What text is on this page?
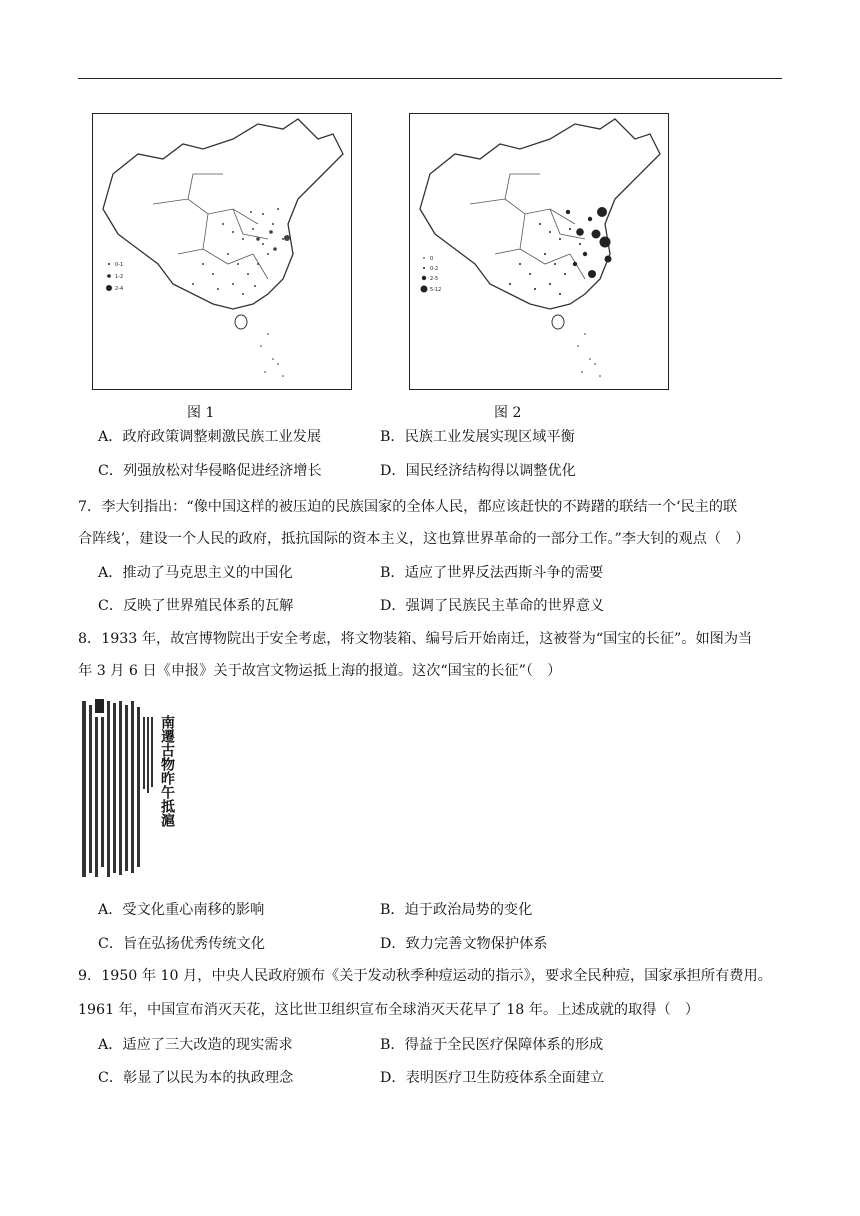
0-1
1-2
2-4
0
0-2
2-5
5-12
图 1	图 2
A．政府政策调整刺激民族工业发展	B．民族工业发展实现区域平衡
C．列强放松对华侵略促进经济增长	D．国民经济结构得以调整优化
7．李大钊指出：“像中国这样的被压迫的民族国家的全体人民，都应该赶快的不踌躇的联结一个‘民主的联
合阵线’，建设一个人民的政府，抵抗国际的资本主义，这也算世界革命的一部分工作。”李大钊的观点（　）
A．推动了马克思主义的中国化	B．适应了世界反法西斯斗争的需要
C．反映了世界殖民体系的瓦解	D．强调了民族民主革命的世界意义
8．1933 年，故宫博物院出于安全考虑，将文物装箱、编号后开始南迁，这被誉为“国宝的长征”。如图为当
年 3 月 6 日《申报》关于故宫文物运抵上海的报道。这次“国宝的长征”（　）
南遷古物昨午抵滬
A．受文化重心南移的影响	B．迫于政治局势的变化
C．旨在弘扬优秀传统文化	D．致力完善文物保护体系
9．1950 年 10 月，中央人民政府颁布《关于发动秋季种痘运动的指示》，要求全民种痘，国家承担所有费用。
1961 年，中国宣布消灭天花，这比世卫组织宣布全球消灭天花早了 18 年。上述成就的取得（　）
A．适应了三大改造的现实需求	B．得益于全民医疗保障体系的形成
C．彰显了以民为本的执政理念	D．表明医疗卫生防疫体系全面建立
